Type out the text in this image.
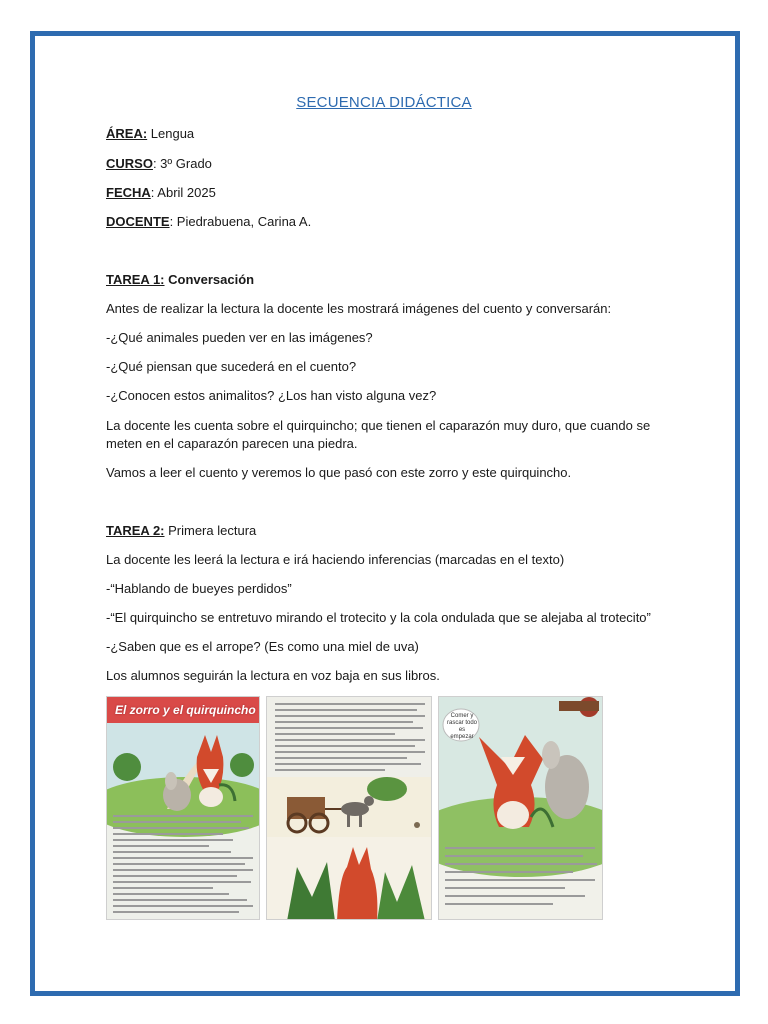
SECUENCIA DIDÁCTICA
ÁREA: Lengua
CURSO: 3º Grado
FECHA: Abril 2025
DOCENTE: Piedrabuena, Carina A.
TAREA 1: Conversación
Antes de realizar la lectura la docente les mostrará imágenes del cuento y conversarán:
-¿Qué animales pueden ver en las imágenes?
-¿Qué piensan que sucederá en el cuento?
-¿Conocen estos animalitos? ¿Los han visto alguna vez?
La docente les cuenta sobre el quirquincho; que tienen el caparazón muy duro, que cuando se meten en el caparazón parecen una piedra.
Vamos a leer el cuento y veremos lo que pasó con este zorro y este quirquincho.
TAREA 2: Primera lectura
La docente les leerá la lectura e irá haciendo inferencias (marcadas en el texto)
-“Hablando de bueyes perdidos”
-“El quirquincho se entretuvo mirando el trotecito y la cola ondulada que se alejaba al trotecito”
-¿Saben que es el arrope? (Es como una miel de uva)
Los alumnos seguirán la lectura en voz baja en sus libros.
El zorro y el quirquincho	Comer y rascar todo es empezar
